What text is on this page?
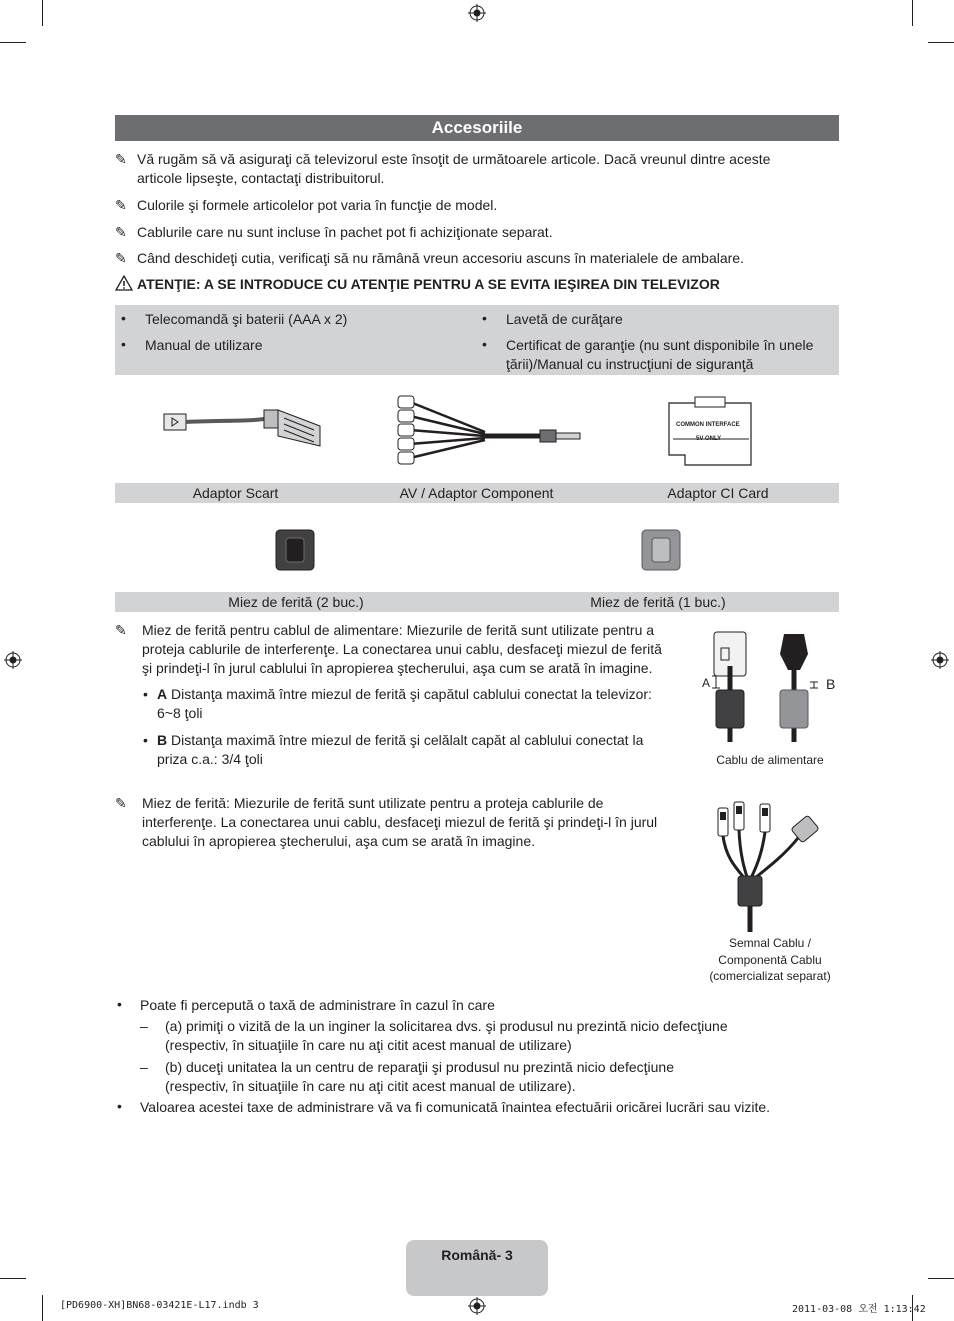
Accesoriile
✎ Vă rugăm să vă asiguraţi că televizorul este însoţit de următoarele articole. Dacă vreunul dintre aceste
articole lipseşte, contactaţi distribuitorul.
✎ Culorile şi formele articolelor pot varia în funcţie de model.
✎ Cablurile care nu sunt incluse în pachet pot fi achiziţionate separat.
✎ Când deschideţi cutia, verificaţi să nu rămână vreun accesoriu ascuns în materialele de ambalare.
ATENŢIE: A SE INTRODUCE CU ATENŢIE PENTRU A SE EVITA IEŞIREA DIN TELEVIZOR
• Telecomandă şi baterii (AAA x 2)
• Manual de utilizare
• Lavetă de curăţare
• Certificat de garanţie (nu sunt disponibile în unele
ţării)/Manual cu instrucţiuni de siguranţă
COMMON INTERFACE
5V ONLY
Adaptor Scart	AV / Adaptor Component	Adaptor CI Card
Miez de ferită (2 buc.)	Miez de ferită (1 buc.)
✎ Miez de ferită pentru cablul de alimentare: Miezurile de ferită sunt utilizate pentru a
proteja cablurile de interferenţe. La conectarea unui cablu, desfaceţi miezul de ferită
şi prindeţi-l în jurul cablului în apropierea ştecherului, aşa cum se arată în imagine.
• A Distanţa maximă între miezul de ferită şi capătul cablului conectat la televizor:
6~8 ţoli
• B Distanţa maximă între miezul de ferită şi celălalt capăt al cablului conectat la
priza c.a.: 3/4 ţoli
A	B
Cablu de alimentare
✎ Miez de ferită: Miezurile de ferită sunt utilizate pentru a proteja cablurile de
interferenţe. La conectarea unui cablu, desfaceţi miezul de ferită şi prindeţi-l în jurul
cablului în apropierea ştecherului, aşa cum se arată în imagine.
Semnal Cablu /
Componentă Cablu
(comercializat separat)
• Poate fi percepută o taxă de administrare în cazul în care
– (a) primiţi o vizită de la un inginer la solicitarea dvs. şi produsul nu prezintă nicio defecţiune
(respectiv, în situaţiile în care nu aţi citit acest manual de utilizare)
– (b) duceţi unitatea la un centru de reparaţii şi produsul nu prezintă nicio defecţiune
(respectiv, în situaţiile în care nu aţi citit acest manual de utilizare).
• Valoarea acestei taxe de administrare vă va fi comunicată înaintea efectuării oricărei lucrări sau vizite.
Română- 3
[PD6900-XH]BN68-03421E-L17.indb 3	2011-03-08 오전 1:13:42
